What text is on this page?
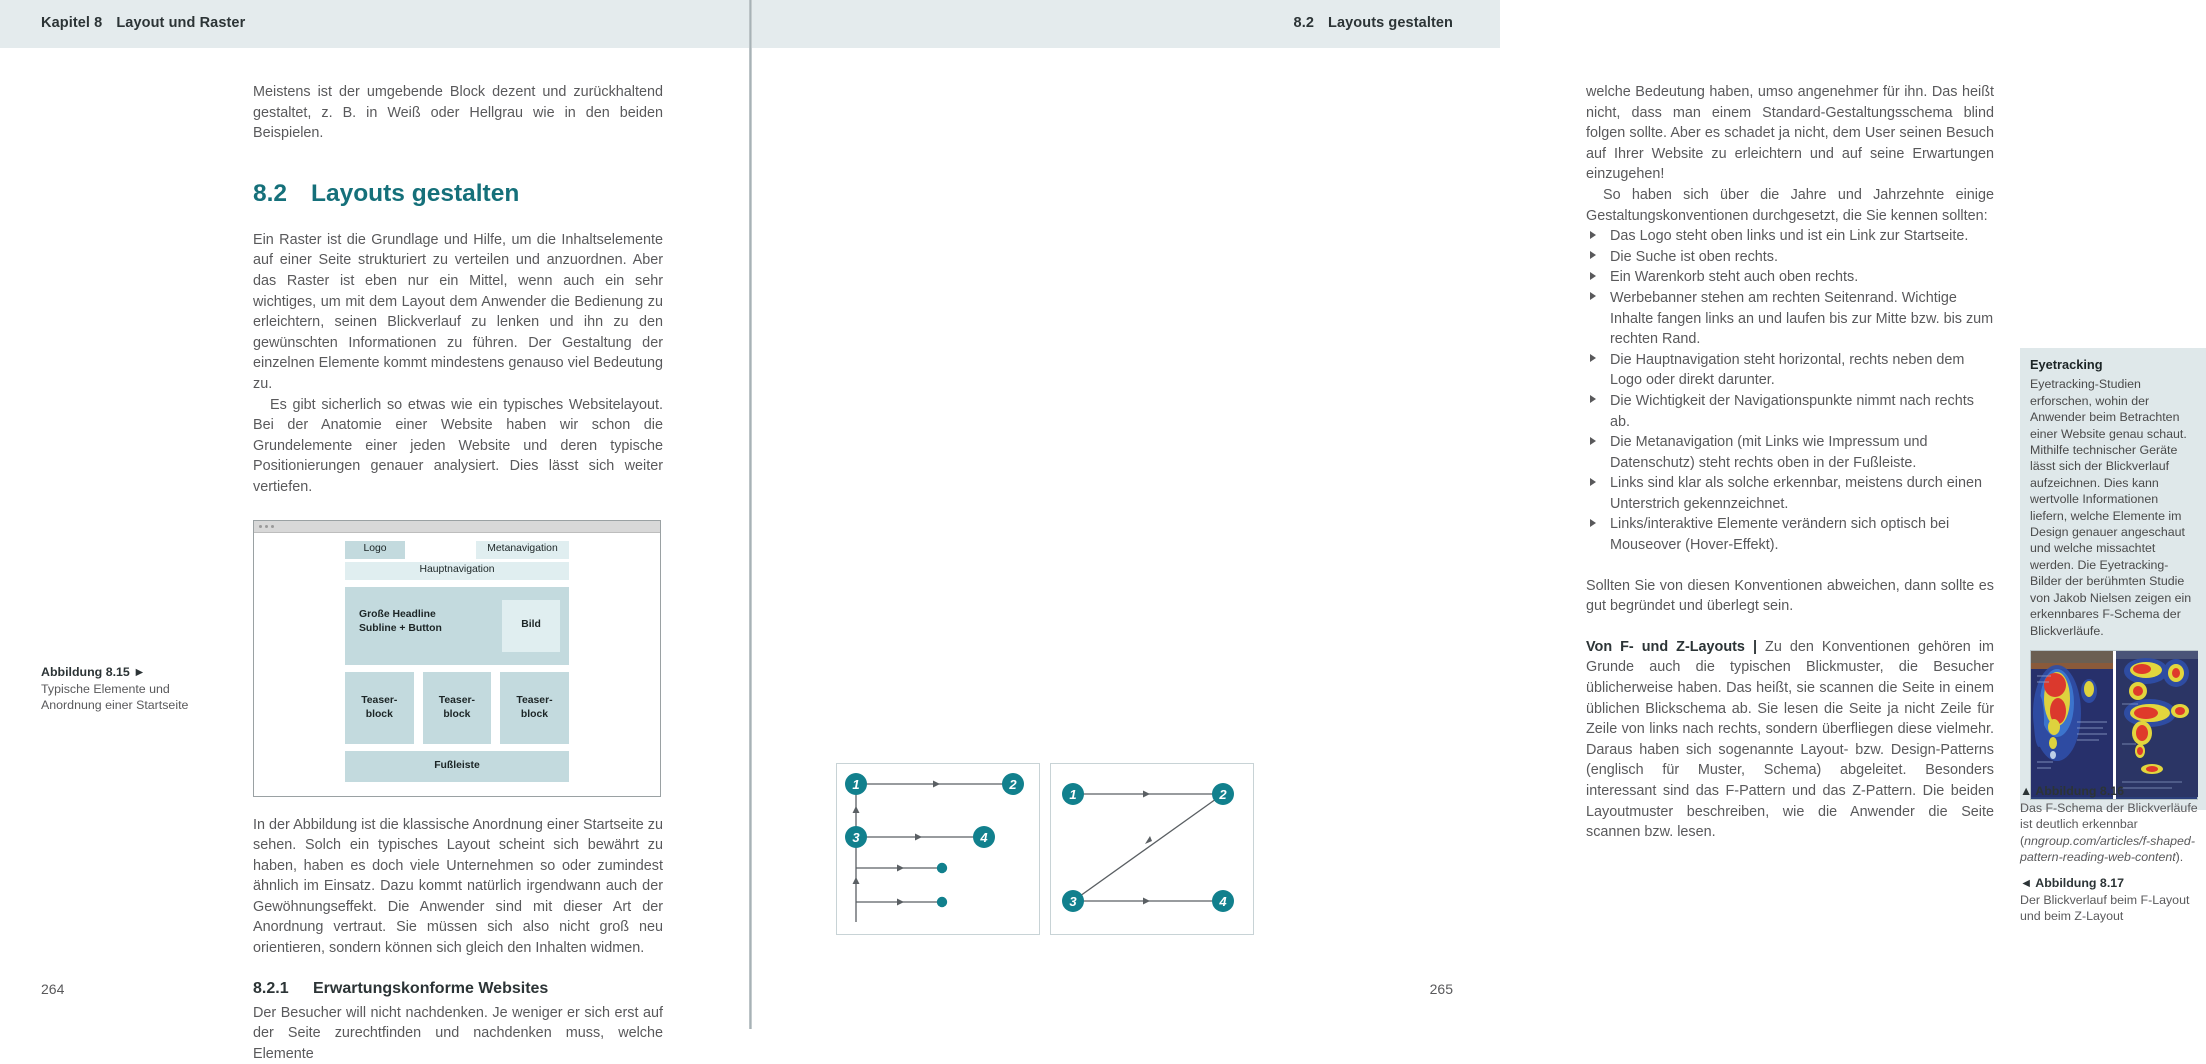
Kapitel 8 Layout und Raster

Meistens ist der umgebende Block dezent und zurückhaltend gestaltet, z. B. in Weiß oder Hellgrau wie in den beiden Beispielen.

8.2 Layouts gestalten

Ein Raster ist die Grundlage und Hilfe, um die Inhaltselemente auf einer Seite strukturiert zu verteilen und anzuordnen. Aber das Raster ist eben nur ein Mittel, wenn auch ein sehr wichtiges, um mit dem Layout dem Anwender die Bedienung zu erleichtern, seinen Blickverlauf zu lenken und ihn zu den gewünschten Informationen zu führen. Der Gestaltung der einzelnen Elemente kommt mindestens genauso viel Bedeutung zu.

Es gibt sicherlich so etwas wie ein typisches Websitelayout. Bei der Anatomie einer Website haben wir schon die Grundelemente einer jeden Website und deren typische Positionierungen genauer analysiert. Dies lässt sich weiter vertiefen.

Logo	Metanavigation
Hauptnavigation
Große Headline
Subline + Button	Bild
Teaser-
block
Teaser-
block
Teaser-
block
Fußleiste

In der Abbildung ist die klassische Anordnung einer Startseite zu sehen. Solch ein typisches Layout scheint sich bewährt zu haben, haben es doch viele Unternehmen so oder zumindest ähnlich im Einsatz. Dazu kommt natürlich irgendwann auch der Gewöhnungseffekt. Die Anwender sind mit dieser Art der Anordnung vertraut. Sie müssen sich also nicht groß neu orientieren, sondern können sich gleich den Inhalten widmen.

8.2.1	Erwartungskonforme Websites

Der Besucher will nicht nachdenken. Je weniger er sich erst auf der Seite zurechtfinden und nachdenken muss, welche Elemente

Abbildung 8.15 ►
Typische Elemente und Anordnung einer Startseite
264
8.2 Layouts gestalten

welche Bedeutung haben, umso angenehmer für ihn. Das heißt nicht, dass man einem Standard-Gestaltungsschema blind folgen sollte. Aber es schadet ja nicht, dem User seinen Besuch auf Ihrer Website zu erleichtern und auf seine Erwartungen einzugehen!

So haben sich über die Jahre und Jahrzehnte einige Gestaltungskonventionen durchgesetzt, die Sie kennen sollten:

Das Logo steht oben links und ist ein Link zur Startseite.
Die Suche ist oben rechts.
Ein Warenkorb steht auch oben rechts.
Werbebanner stehen am rechten Seitenrand. Wichtige Inhalte fangen links an und laufen bis zur Mitte bzw. bis zum rechten Rand.
Die Hauptnavigation steht horizontal, rechts neben dem Logo oder direkt darunter.
Die Wichtigkeit der Navigationspunkte nimmt nach rechts ab.
Die Metanavigation (mit Links wie Impressum und Datenschutz) steht rechts oben in der Fußleiste.
Links sind klar als solche erkennbar, meistens durch einen Unterstrich gekennzeichnet.
Links/interaktive Elemente verändern sich optisch bei Mouseover (Hover-Effekt).

Sollten Sie von diesen Konventionen abweichen, dann sollte es gut begründet und überlegt sein.

Von F- und Z-Layouts | Zu den Konventionen gehören im Grunde auch die typischen Blickmuster, die Besucher üblicherweise haben. Das heißt, sie scannen die Seite in einem üblichen Blickschema ab. Sie lesen die Seite ja nicht Zeile für Zeile von links nach rechts, sondern überfliegen diese vielmehr. Daraus haben sich sogenannte Layout- bzw. Design-Patterns (englisch für Muster, Schema) abgeleitet. Besonders interessant sind das F-Pattern und das Z-Pattern. Die beiden Layoutmuster beschreiben, wie die Anwender die Seite scannen bzw. lesen.

Eyetracking
Eyetracking-Studien erforschen, wohin der Anwender beim Betrachten einer Website genau schaut. Mithilfe technischer Geräte lässt sich der Blickverlauf aufzeichnen. Dies kann wertvolle Informationen liefern, welche Elemente im Design genauer angeschaut und welche missachtet werden. Die Eyetracking-Bilder der berühmten Studie von Jakob Nielsen zeigen ein erkennbares F-Schema der Blickverläufe.
▲ Abbildung 8.16
Das F-Schema der Blickverläufe ist deutlich erkennbar (nngroup.com/articles/f-shaped-pattern-reading-web-content).
◄ Abbildung 8.17
Der Blickverlauf beim F-Layout und beim Z-Layout
265
1	2
3	4
1	2
3	4
